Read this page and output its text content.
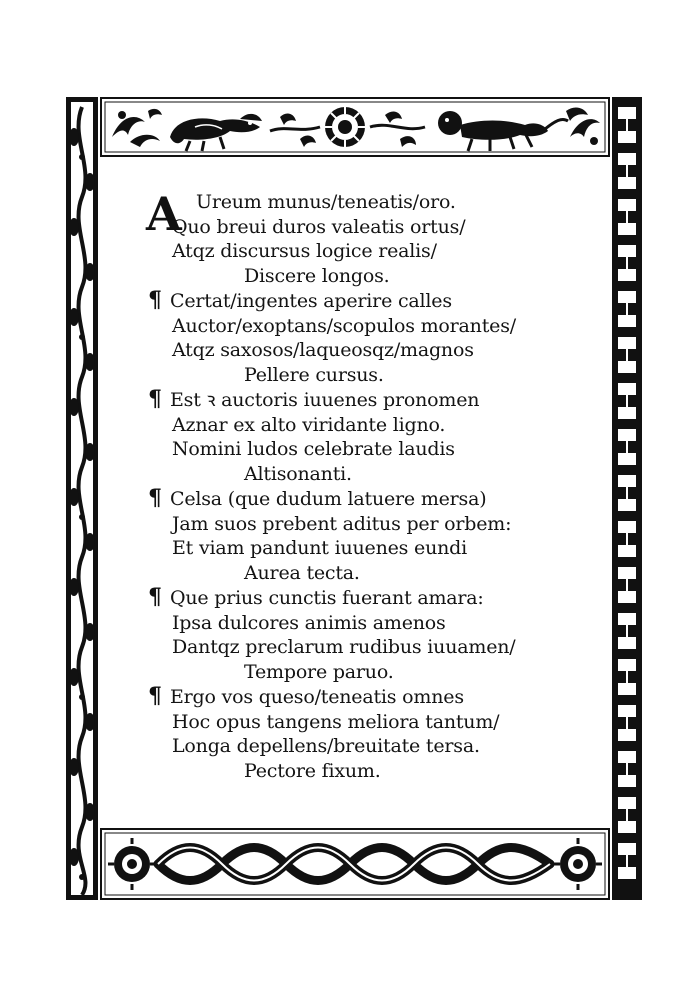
A Ureum munus/teneatis/oro.
Quo breui duros valeatis ortus/
Atqz discursus logice realis/
Discere longos.
¶ Certat/ingentes aperire calles
Auctor/exoptans/scopulos morantes/
Atqz saxosos/laqueosqz/magnos
Pellere cursus.
¶ Est ꝛ auctoris iuuenes pronomen
Aznar ex alto viridante ligno.
Nomini ludos celebrate laudis
Altisonanti.
¶ Celsa (que dudum latuere mersa)
Jam suos prebent aditus per orbem:
Et viam pandunt iuuenes eundi
Aurea tecta.
¶ Que prius cunctis fuerant amara:
Ipsa dulcores animis amenos
Dantqz preclarum rudibus iuuamen/
Tempore paruo.
¶ Ergo vos queso/teneatis omnes
Hoc opus tangens meliora tantum/
Longa depellens/breuitate tersa.
Pectore fixum.
